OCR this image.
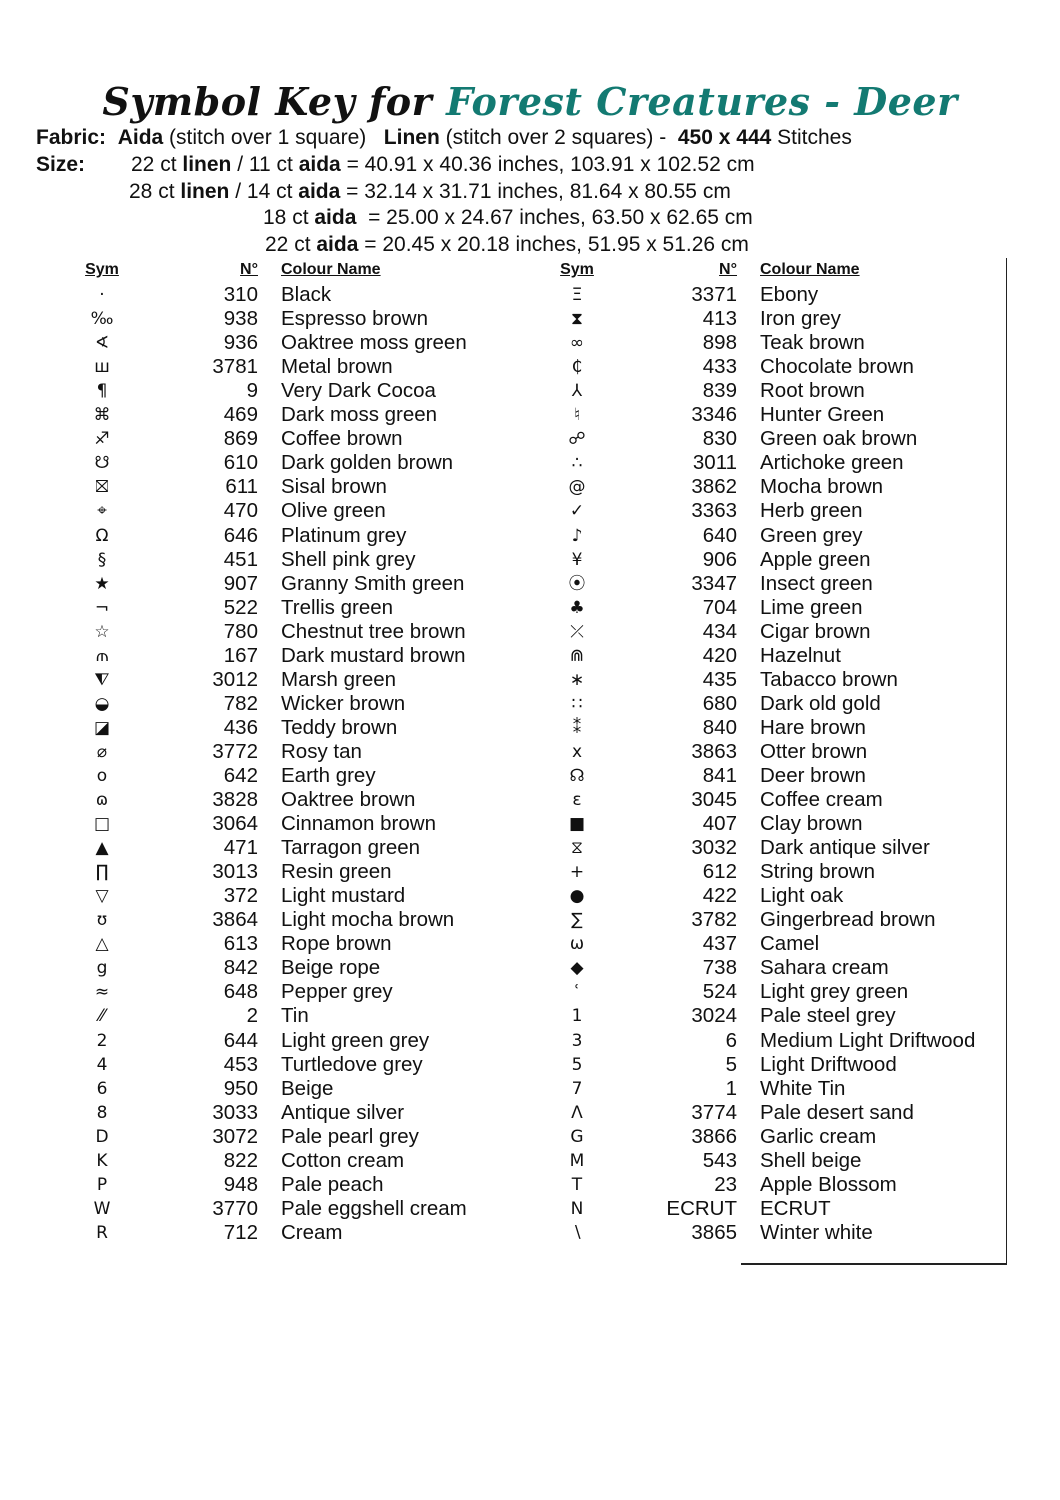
Symbol Key for Forest Creatures - Deer
Fabric: Aida (stitch over 1 square)   Linen (stitch over 2 squares) -  450 x 444 Stitches
Size: 22 ct linen / 11 ct aida = 40.91 x 40.36 inches, 103.91 x 102.52 cm
28 ct linen / 14 ct aida = 32.14 x 31.71 inches, 81.64 x 80.55 cm
18 ct aida  = 25.00 x 24.67 inches, 63.50 x 62.65 cm
22 ct aida = 20.45 x 20.18 inches, 51.95 x 51.26 cm
Sym	N° Colour Name
·	310 Black
‰	938 Espresso brown
∢	936 Oaktree moss green
ш	3781 Metal brown
¶	9 Very Dark Cocoa
⌘	469 Dark moss green
♐	869 Coffee brown
☋	610 Dark golden brown
⛝	611 Sisal brown
⌖	470 Olive green
Ω	646 Platinum grey
§	451 Shell pink grey
★	907 Granny Smith green
¬	522 Trellis green
☆	780 Chestnut tree brown
⫙	167 Dark mustard brown
⧨	3012 Marsh green
◒	782 Wicker brown
◪	436 Teddy brown
⌀	3772 Rosy tan
o	642 Earth grey
ɷ	3828 Oaktree brown
□	3064 Cinnamon brown
▲	471 Tarragon green
∏	3013 Resin green
▽	372 Light mustard
ʊ	3864 Light mocha brown
△	613 Rope brown
g	842 Beige rope
≈	648 Pepper grey
⁄⁄	2 Tin
2	644 Light green grey
4	453 Turtledove grey
6	950 Beige
8	3033 Antique silver
D	3072 Pale pearl grey
K	822 Cotton cream
P	948 Pale peach
W	3770 Pale eggshell cream
R	712 Cream
Sym	N° Colour Name
Ξ	3371 Ebony
⧗	413 Iron grey
∞	898 Teak brown
₵	433 Chocolate brown
⅄	839 Root brown
♮	3346 Hunter Green
☍	830 Green oak brown
∴	3011 Artichoke green
@	3862 Mocha brown
✓	3363 Herb green
♪	640 Green grey
¥	906 Apple green
⦿	3347 Insect green
♣	704 Lime green
⤫	434 Cigar brown
⋒	420 Hazelnut
∗	435 Tabacco brown
∷	680 Dark old gold
⁑	840 Hare brown
x	3863 Otter brown
☊	841 Deer brown
ε	3045 Coffee cream
■	407 Clay brown
⧖	3032 Dark antique silver
+	612 String brown
●	422 Light oak
∑	3782 Gingerbread brown
ω	437 Camel
◆	738 Sahara cream
ʿ	524 Light grey green
1	3024 Pale steel grey
3	6 Medium Light Driftwood
5	5 Light Driftwood
7	1 White Tin
Λ	3774 Pale desert sand
G	3866 Garlic cream
M	543 Shell beige
T	23 Apple Blossom
N	ECRUT ECRUT
∖	3865 Winter white
